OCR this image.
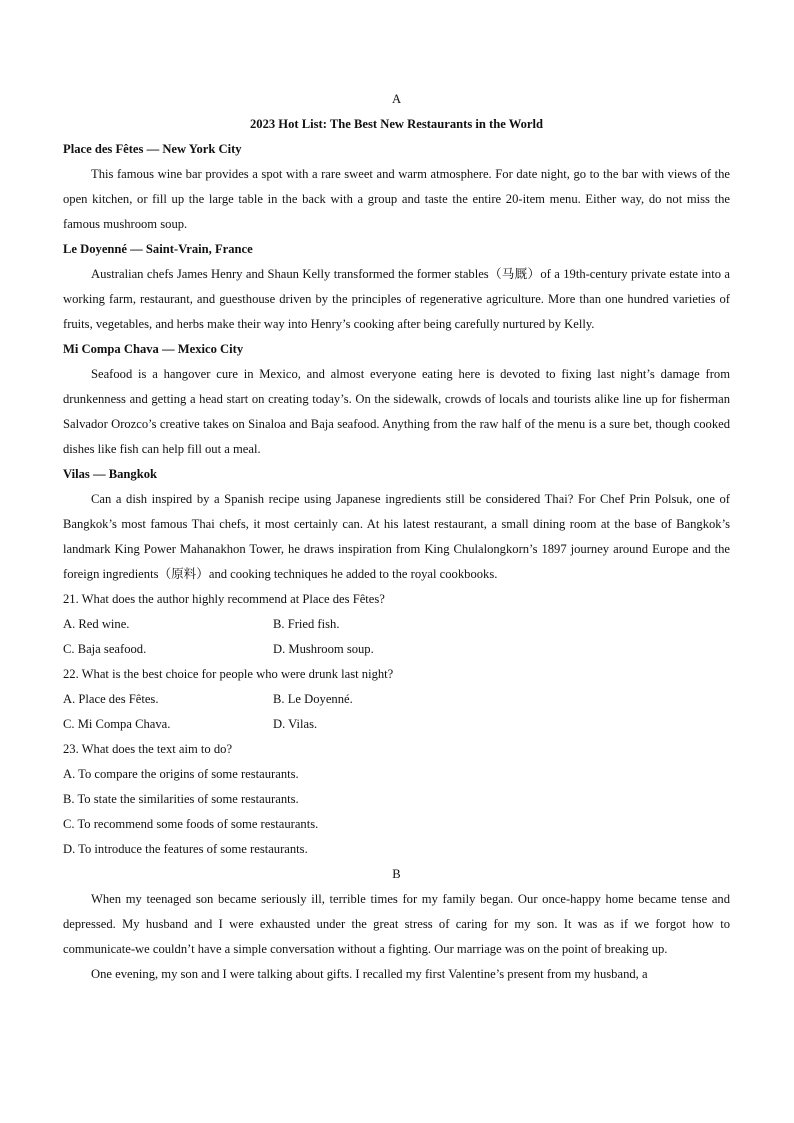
A
2023 Hot List: The Best New Restaurants in the World
Place des Fêtes — New York City

This famous wine bar provides a spot with a rare sweet and warm atmosphere. For date night, go to the bar with views of the open kitchen, or fill up the large table in the back with a group and taste the entire 20-item menu. Either way, do not miss the famous mushroom soup.

Le Doyenné — Saint-Vrain, France

Australian chefs James Henry and Shaun Kelly transformed the former stables（马厩）of a 19th-century private estate into a working farm, restaurant, and guesthouse driven by the principles of regenerative agriculture. More than one hundred varieties of fruits, vegetables, and herbs make their way into Henry’s cooking after being carefully nurtured by Kelly.

Mi Compa Chava — Mexico City

Seafood is a hangover cure in Mexico, and almost everyone eating here is devoted to fixing last night’s damage from drunkenness and getting a head start on creating today’s. On the sidewalk, crowds of locals and tourists alike line up for fisherman Salvador Orozco’s creative takes on Sinaloa and Baja seafood. Anything from the raw half of the menu is a sure bet, though cooked dishes like fish can help fill out a meal.

Vilas — Bangkok

Can a dish inspired by a Spanish recipe using Japanese ingredients still be considered Thai? For Chef Prin Polsuk, one of Bangkok’s most famous Thai chefs, it most certainly can. At his latest restaurant, a small dining room at the base of Bangkok’s landmark King Power Mahanakhon Tower, he draws inspiration from King Chulalongkorn’s 1897 journey around Europe and the foreign ingredients（原料）and cooking techniques he added to the royal cookbooks.

21. What does the author highly recommend at Place des Fêtes?
A. Red wine.	B. Fried fish.
C. Baja seafood.	D. Mushroom soup.
22. What is the best choice for people who were drunk last night?
A. Place des Fêtes.	B. Le Doyenné.
C. Mi Compa Chava.	D. Vilas.
23. What does the text aim to do?
A. To compare the origins of some restaurants.
B. To state the similarities of some restaurants.
C. To recommend some foods of some restaurants.
D. To introduce the features of some restaurants.
B

When my teenaged son became seriously ill, terrible times for my family began. Our once-happy home became tense and depressed. My husband and I were exhausted under the great stress of caring for my son. It was as if we forgot how to communicate-we couldn’t have a simple conversation without a fighting. Our marriage was on the point of breaking up.

One evening, my son and I were talking about gifts. I recalled my first Valentine’s present from my husband, a
